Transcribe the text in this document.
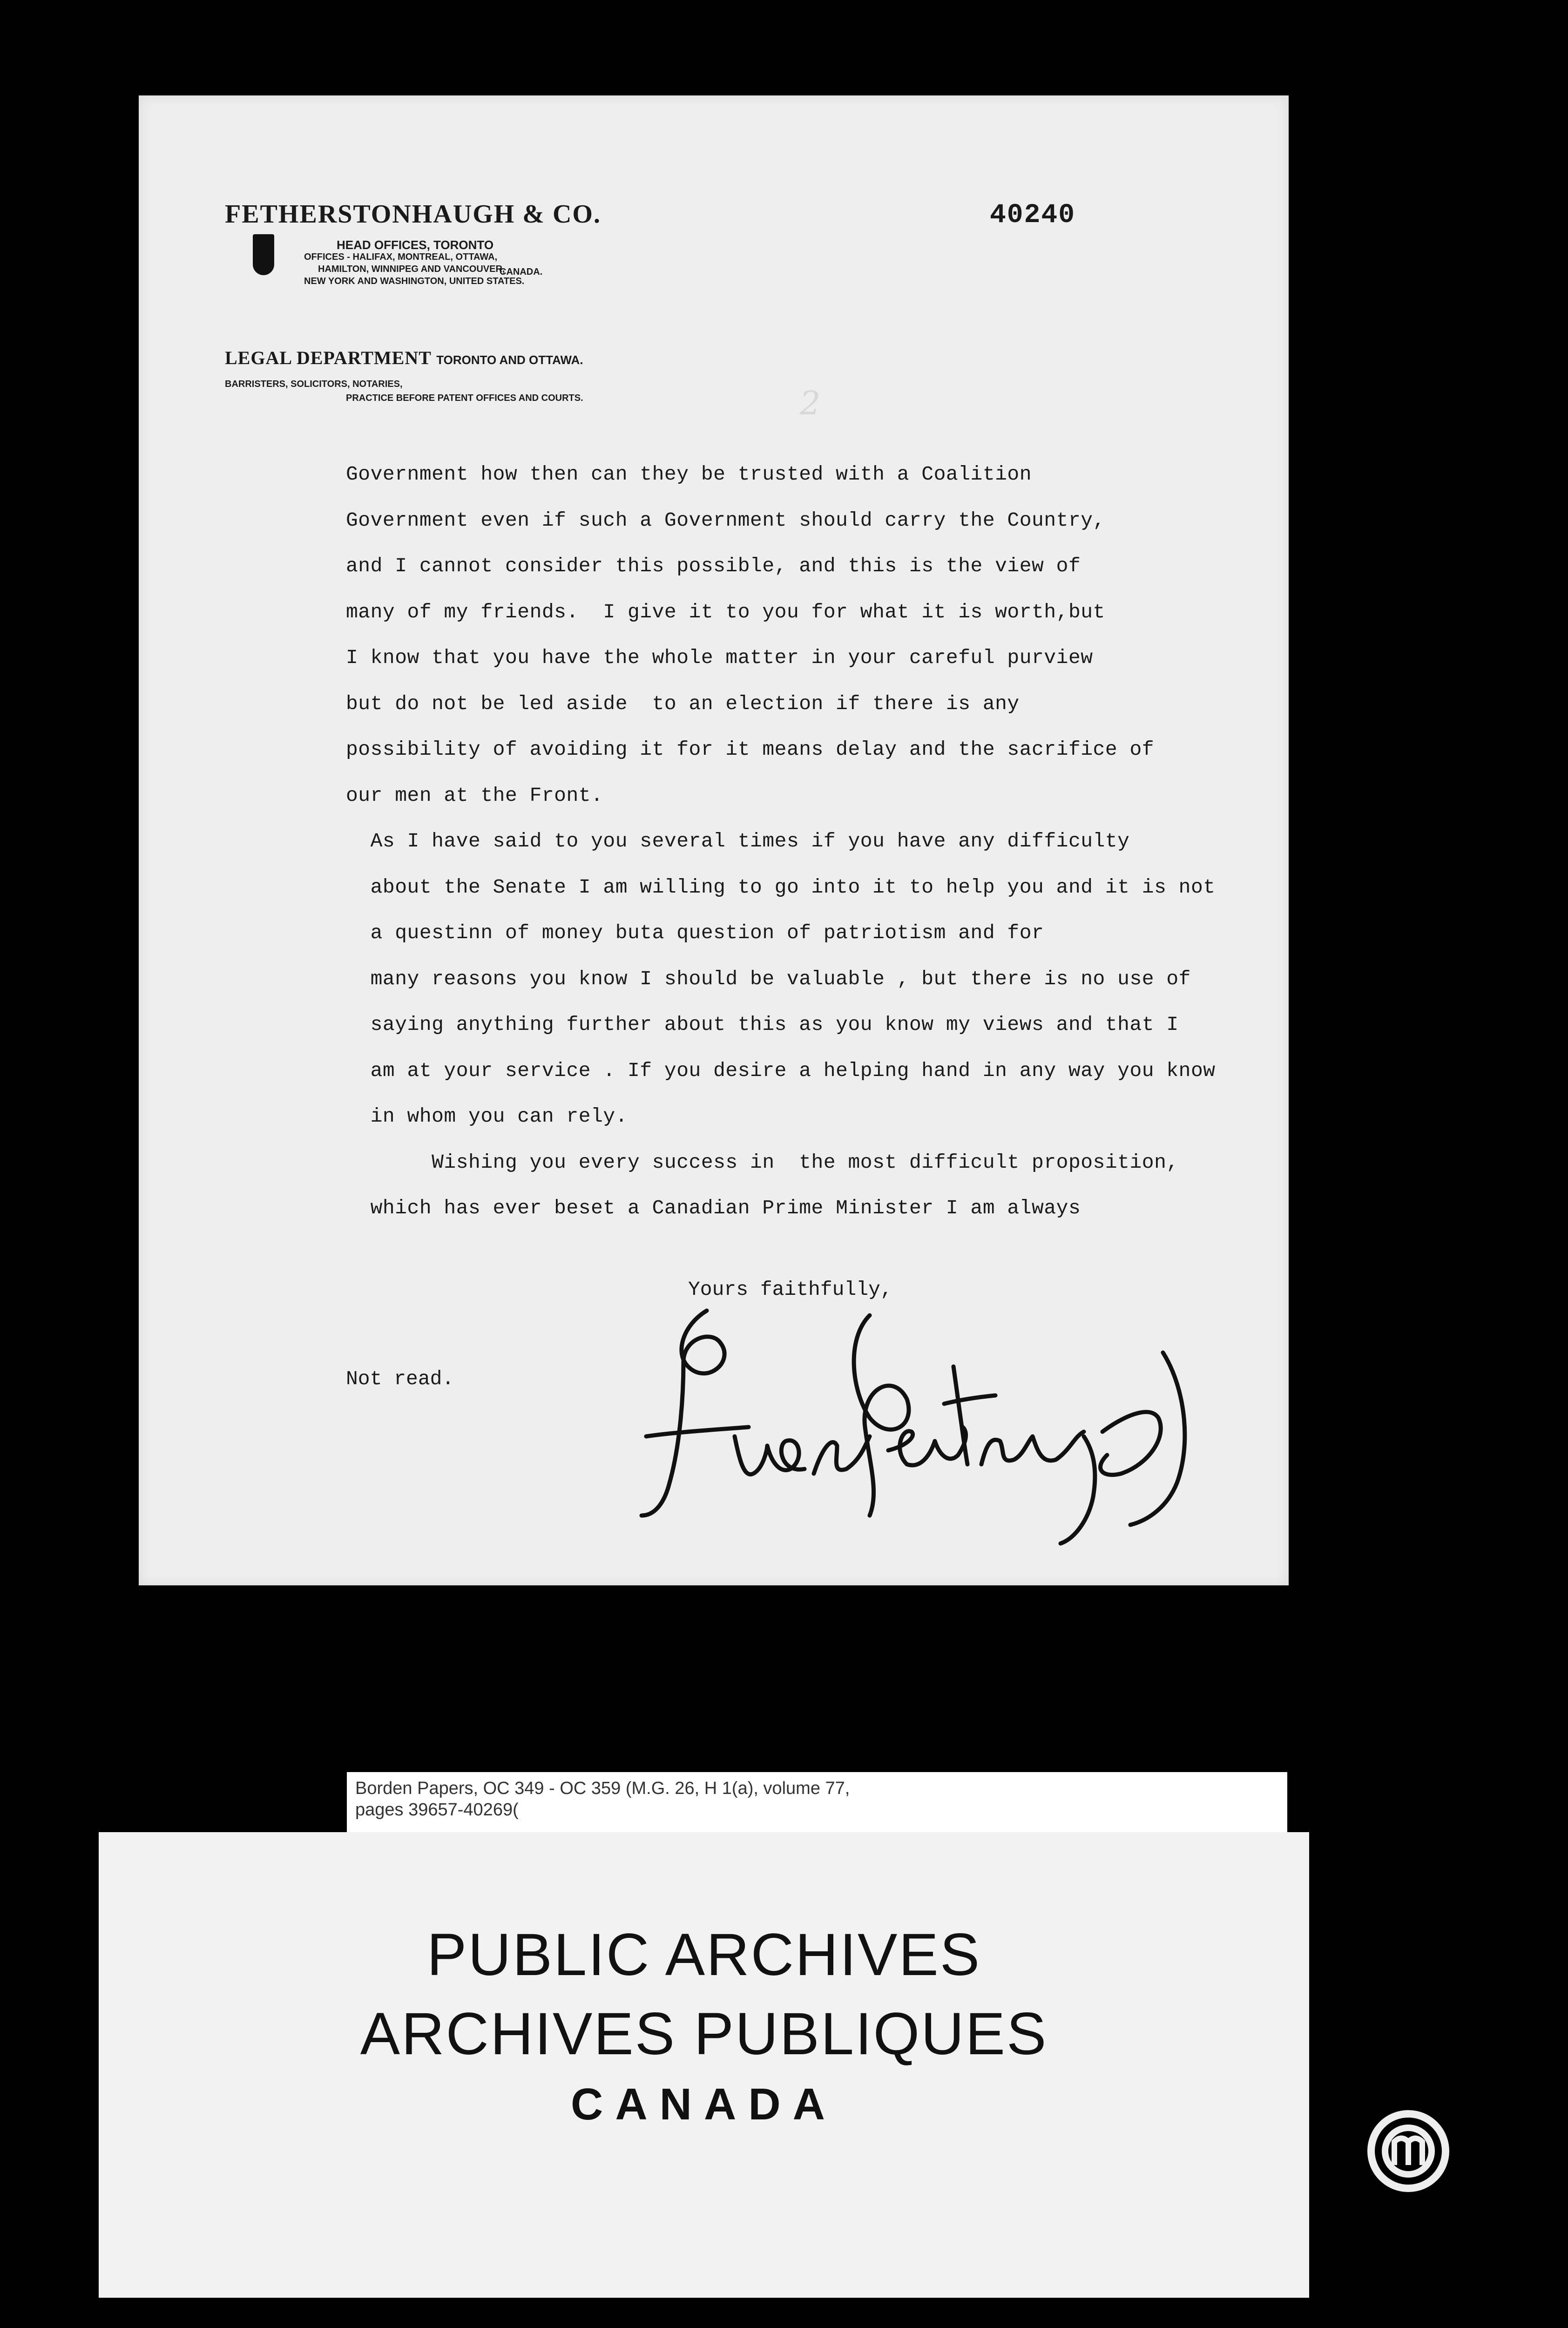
FETHERSTONHAUGH & CO.
HEAD OFFICES, TORONTO
OFFICES - HALIFAX, MONTREAL, OTTAWA,
HAMILTON, WINNIPEG AND VANCOUVER,
NEW YORK AND WASHINGTON, UNITED STATES.
CANADA.
LEGAL DEPARTMENT TORONTO AND OTTAWA.
BARRISTERS, SOLICITORS, NOTARIES,
PRACTICE BEFORE PATENT OFFICES AND COURTS.
40240
2

Government how then can they be trusted with a Coalition

Government even if such a Government should carry the Country,

and I cannot consider this possible, and this is the view of

many of my friends.  I give it to you for what it is worth,but

I know that you have the whole matter in your careful purview

but do not be led aside  to an election if there is any

possibility of avoiding it for it means delay and the sacrifice of

our men at the Front.

As I have said to you several times if you have any difficulty

about the Senate I am willing to go into it to help you and it is not

a questinn of money buta question of patriotism and for

many reasons you know I should be valuable , but there is no use of

saying anything further about this as you know my views and that I

am at your service . If you desire a helping hand in any way you know

in whom you can rely.

Wishing you every success in  the most difficult proposition,

which has ever beset a Canadian Prime Minister I am always

Yours faithfully,
Not read.
Borden Papers, OC 349 - OC 359 (M.G. 26, H 1(a), volume 77,
pages 39657-40269(
PUBLIC ARCHIVES
ARCHIVES PUBLIQUES
CANADA
